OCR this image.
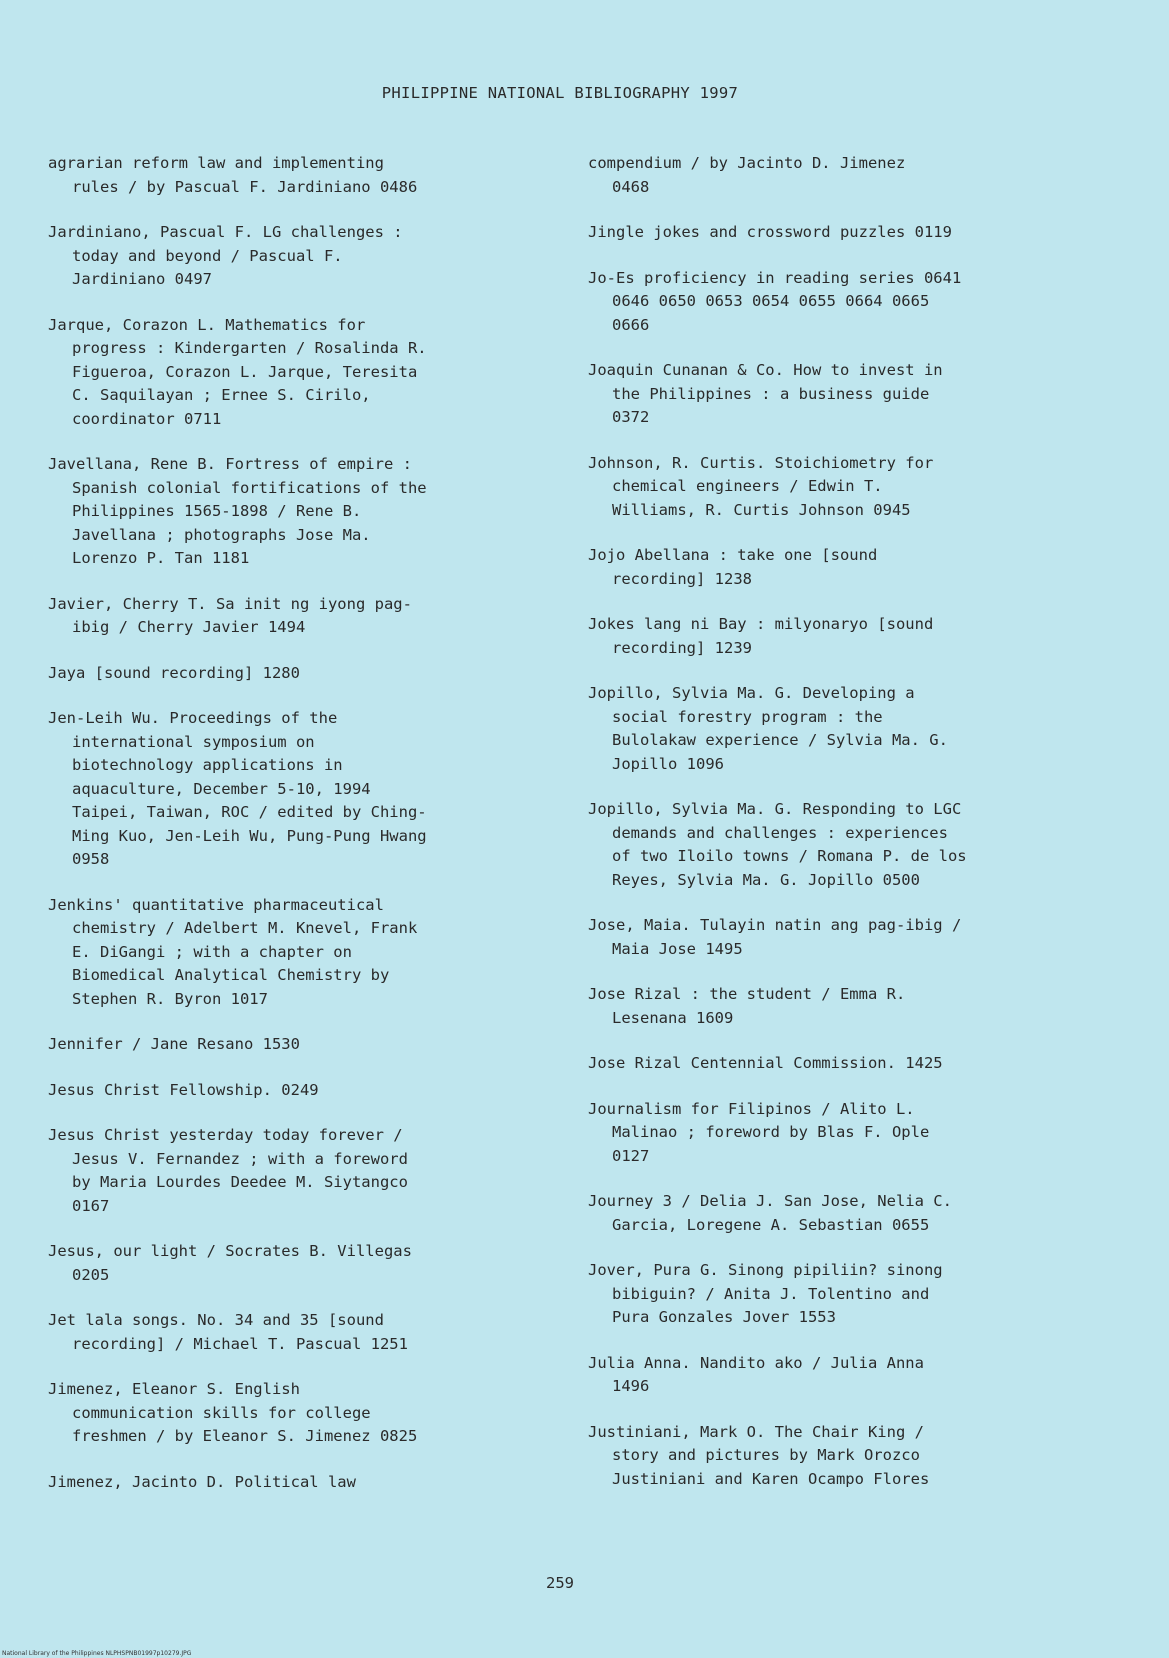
PHILIPPINE NATIONAL BIBLIOGRAPHY 1997

agrarian reform law and implementing
rules / by Pascual F. Jardiniano 0486

Jardiniano, Pascual F. LG challenges :
today and beyond / Pascual F.
Jardiniano 0497

Jarque, Corazon L. Mathematics for
progress : Kindergarten / Rosalinda R.
Figueroa, Corazon L. Jarque, Teresita
C. Saquilayan ; Ernee S. Cirilo,
coordinator 0711

Javellana, Rene B. Fortress of empire :
Spanish colonial fortifications of the
Philippines 1565-1898 / Rene B.
Javellana ; photographs Jose Ma.
Lorenzo P. Tan 1181

Javier, Cherry T. Sa init ng iyong pag-
ibig / Cherry Javier 1494

Jaya [sound recording] 1280

Jen-Leih Wu. Proceedings of the
international symposium on
biotechnology applications in
aquaculture, December 5-10, 1994
Taipei, Taiwan, ROC / edited by Ching-
Ming Kuo, Jen-Leih Wu, Pung-Pung Hwang
0958

Jenkins' quantitative pharmaceutical
chemistry / Adelbert M. Knevel, Frank
E. DiGangi ; with a chapter on
Biomedical Analytical Chemistry by
Stephen R. Byron 1017

Jennifer / Jane Resano 1530

Jesus Christ Fellowship. 0249

Jesus Christ yesterday today forever /
Jesus V. Fernandez ; with a foreword
by Maria Lourdes Deedee M. Siytangco
0167

Jesus, our light / Socrates B. Villegas
0205

Jet lala songs. No. 34 and 35 [sound
recording] / Michael T. Pascual 1251

Jimenez, Eleanor S. English
communication skills for college
freshmen / by Eleanor S. Jimenez 0825

Jimenez, Jacinto D. Political law

compendium / by Jacinto D. Jimenez
0468

Jingle jokes and crossword puzzles 0119

Jo-Es proficiency in reading series 0641
0646 0650 0653 0654 0655 0664 0665
0666

Joaquin Cunanan & Co. How to invest in
the Philippines : a business guide
0372

Johnson, R. Curtis. Stoichiometry for
chemical engineers / Edwin T.
Williams, R. Curtis Johnson 0945

Jojo Abellana : take one [sound
recording] 1238

Jokes lang ni Bay : milyonaryo [sound
recording] 1239

Jopillo, Sylvia Ma. G. Developing a
social forestry program : the
Bulolakaw experience / Sylvia Ma. G.
Jopillo 1096

Jopillo, Sylvia Ma. G. Responding to LGC
demands and challenges : experiences
of two Iloilo towns / Romana P. de los
Reyes, Sylvia Ma. G. Jopillo 0500

Jose, Maia. Tulayin natin ang pag-ibig /
Maia Jose 1495

Jose Rizal : the student / Emma R.
Lesenana 1609

Jose Rizal Centennial Commission. 1425

Journalism for Filipinos / Alito L.
Malinao ; foreword by Blas F. Ople
0127

Journey 3 / Delia J. San Jose, Nelia C.
Garcia, Loregene A. Sebastian 0655

Jover, Pura G. Sinong pipiliin? sinong
bibiguin? / Anita J. Tolentino and
Pura Gonzales Jover 1553

Julia Anna. Nandito ako / Julia Anna
1496

Justiniani, Mark O. The Chair King /
story and pictures by Mark Orozco
Justiniani and Karen Ocampo Flores

259
National Library of the Philippines NLPHSPNB01997p10279.JPG
